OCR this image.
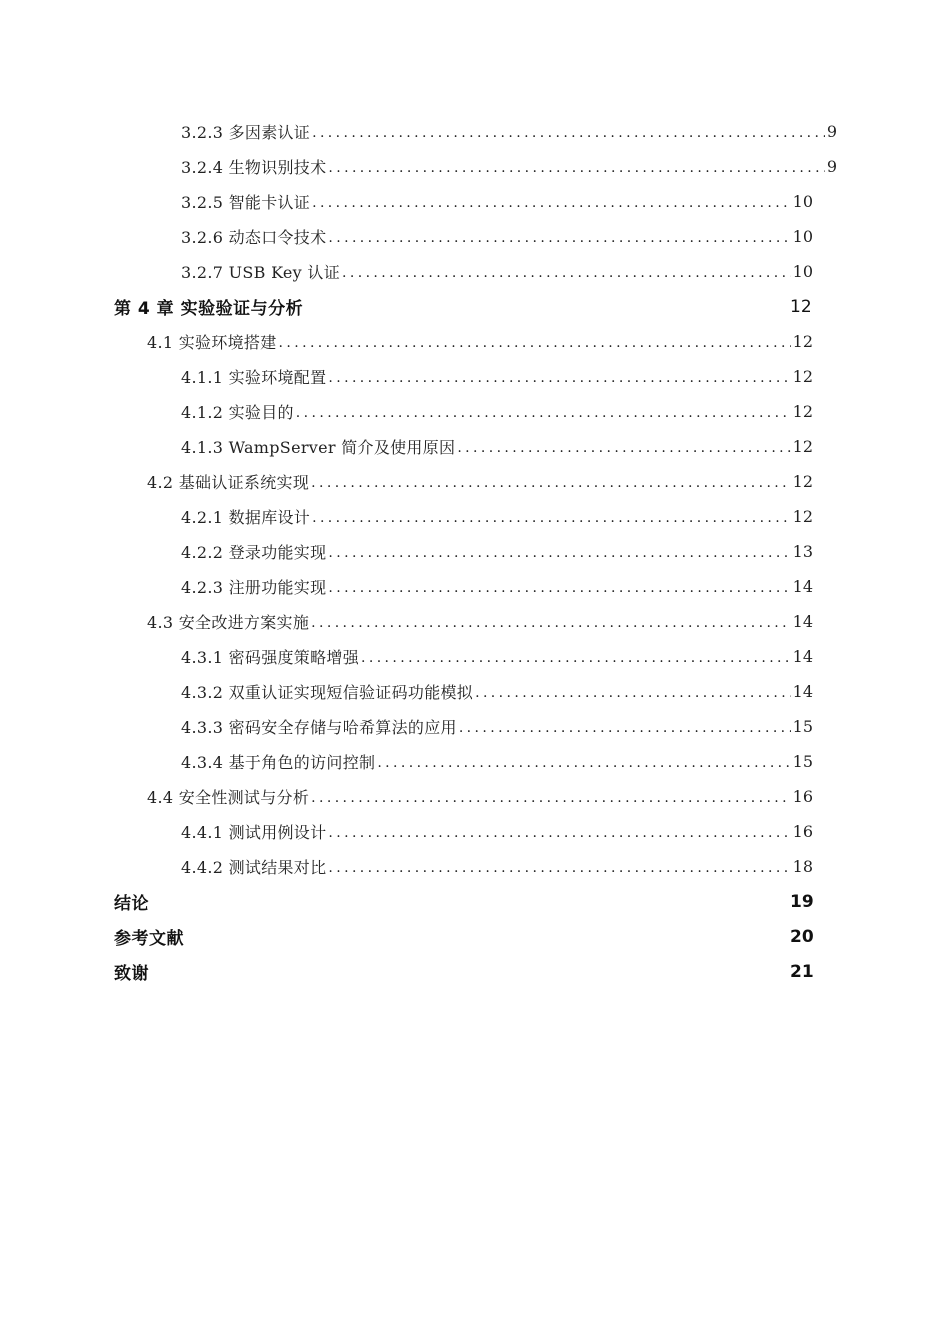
3.2.3 多因素认证 .....	9
3.2.4 生物识别技术 .....	9
3.2.5 智能卡认证 .....	10
3.2.6 动态口令技术 .....	10
3.2.7 USB Key 认证 .....	10
第 4 章 实验验证与分析	12
4.1 实验环境搭建 .....	12
4.1.1 实验环境配置 .....	12
4.1.2 实验目的 .....	12
4.1.3 WampServer 简介及使用原因 .....	12
4.2 基础认证系统实现 .....	12
4.2.1 数据库设计 .....	12
4.2.2 登录功能实现 .....	13
4.2.3 注册功能实现 .....	14
4.3 安全改进方案实施 .....	14
4.3.1 密码强度策略增强 .....	14
4.3.2 双重认证实现短信验证码功能模拟 .....	14
4.3.3 密码安全存储与哈希算法的应用 .....	15
4.3.4 基于角色的访问控制 .....	15
4.4 安全性测试与分析 .....	16
4.4.1 测试用例设计 .....	16
4.4.2 测试结果对比 .....	18
结论	19
参考文献	20
致谢	21
